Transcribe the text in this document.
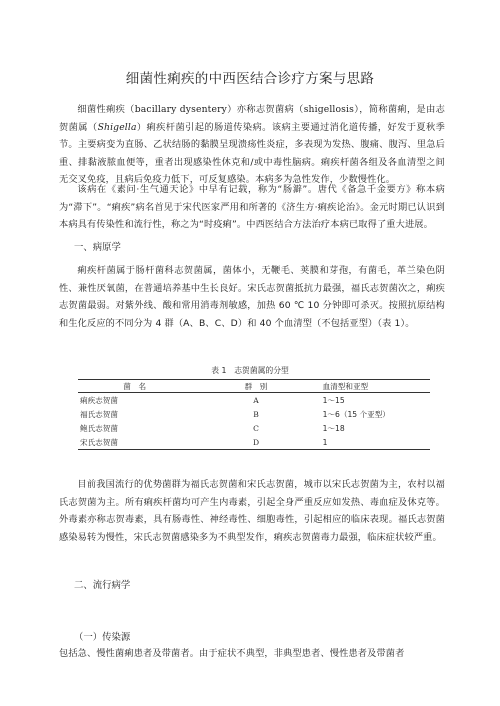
细菌性痢疾的中西医结合诊疗方案与思路

细菌性痢疾（bacillary dysentery）亦称志贺菌病（shigellosis），简称菌痢，是由志贺菌属（Shigella）痢疾杆菌引起的肠道传染病。该病主要通过消化道传播，好发于夏秋季节。主要病变为直肠、乙状结肠的黏膜呈现溃疡性炎症，多表现为发热、腹痛、腹泻、里急后重、排黏液脓血便等，重者出现感染性休克和/或中毒性脑病。痢疾杆菌各组及各血清型之间无交叉免疫，且病后免疫力低下，可反复感染。本病多为急性发作，少数慢性化。

该病在《素问·生气通天论》中早有记载，称为“肠澼”。唐代《备急千金要方》称本病为“滞下”。“痢疾”病名首见于宋代医家严用和所著的《济生方·痢疾论治》。金元时期已认识到本病具有传染性和流行性，称之为“时疫痢”。中西医结合方法治疗本病已取得了重大进展。

一、病原学

痢疾杆菌属于肠杆菌科志贺菌属，菌体小，无鞭毛、荚膜和芽孢，有菌毛，革兰染色阴性、兼性厌氧菌，在普通培养基中生长良好。宋氏志贺菌抵抗力最强，福氏志贺菌次之，痢疾志贺菌最弱。对紫外线、酸和常用消毒剂敏感，加热 60 ℃ 10 分钟即可杀灭。按照抗原结构和生化反应的不同分为 4 群（A、B、C、D）和 40 个血清型（不包括亚型）（表 1）。

表 1　志贺菌属的分型
菌　名	群　别	血清型和亚型
痢疾志贺菌	A	1～15
福氏志贺菌	B	1～6（15 个亚型）
鲍氏志贺菌	C	1～18
宋氏志贺菌	D	1

目前我国流行的优势菌群为福氏志贺菌和宋氏志贺菌，城市以宋氏志贺菌为主，农村以福氏志贺菌为主。所有痢疾杆菌均可产生内毒素，引起全身严重反应如发热、毒血症及休克等。外毒素亦称志贺毒素，具有肠毒性、神经毒性、细胞毒性，引起相应的临床表现。福氏志贺菌感染易转为慢性，宋氏志贺菌感染多为不典型发作，痢疾志贺菌毒力最强，临床症状较严重。

二、流行病学
（一）传染源

包括急、慢性菌痢患者及带菌者。由于症状不典型，非典型患者、慢性患者及带菌者
